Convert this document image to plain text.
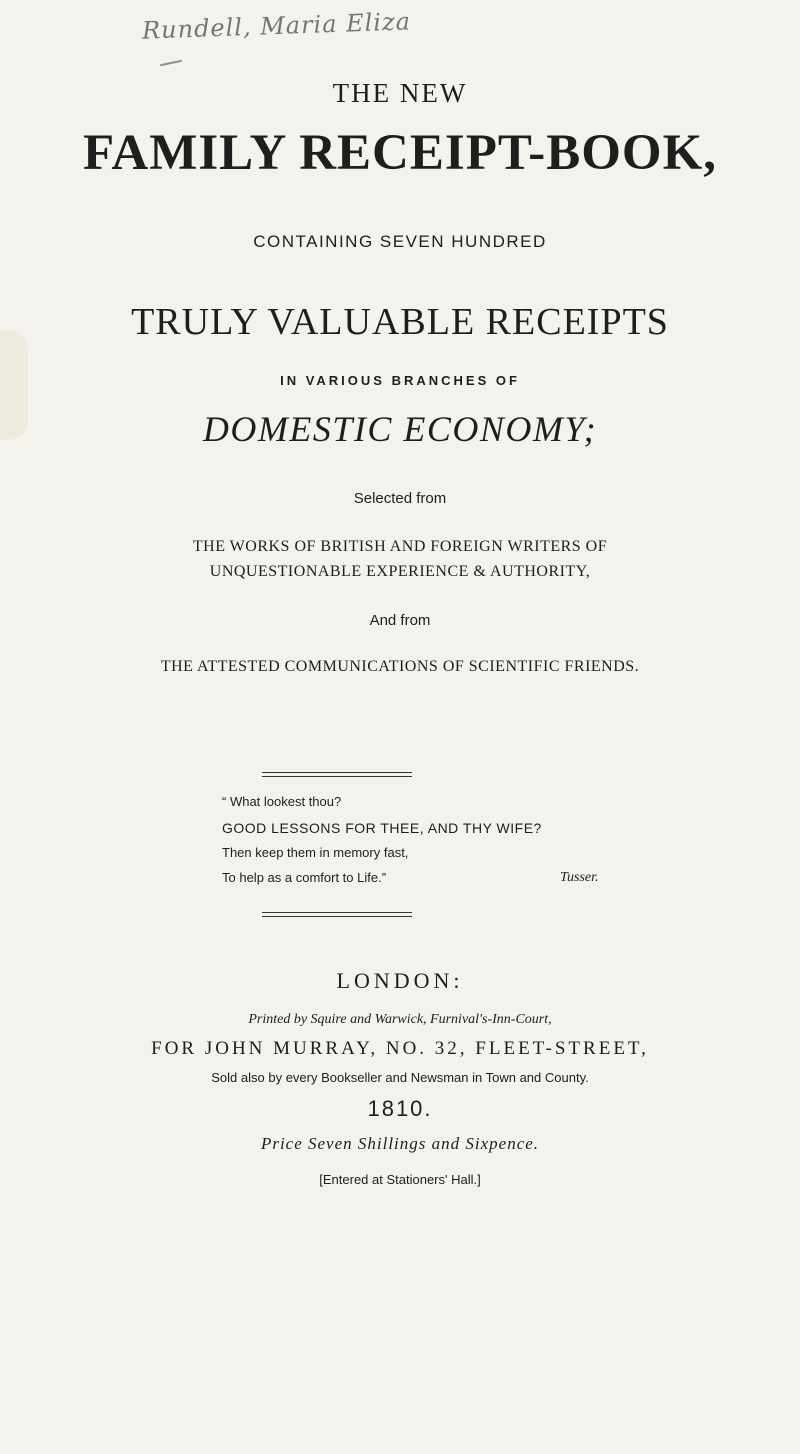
Rundell, Maria Eliza
THE NEW
FAMILY RECEIPT-BOOK,
CONTAINING SEVEN HUNDRED
TRULY VALUABLE RECEIPTS
IN VARIOUS BRANCHES OF
DOMESTIC ECONOMY;
Selected from
THE WORKS OF BRITISH AND FOREIGN WRITERS OF
UNQUESTIONABLE EXPERIENCE & AUTHORITY,
And from
THE ATTESTED COMMUNICATIONS OF SCIENTIFIC FRIENDS.
“ What lookest thou?
GOOD LESSONS FOR THEE, AND THY WIFE?
Then keep them in memory fast,
To help as a comfort to Life.”	Tusser.
LONDON:
Printed by Squire and Warwick, Furnival's-Inn-Court,
FOR JOHN MURRAY, NO. 32, FLEET-STREET,
Sold also by every Bookseller and Newsman in Town and County.
1810.
Price Seven Shillings and Sixpence.
[Entered at Stationers' Hall.]
